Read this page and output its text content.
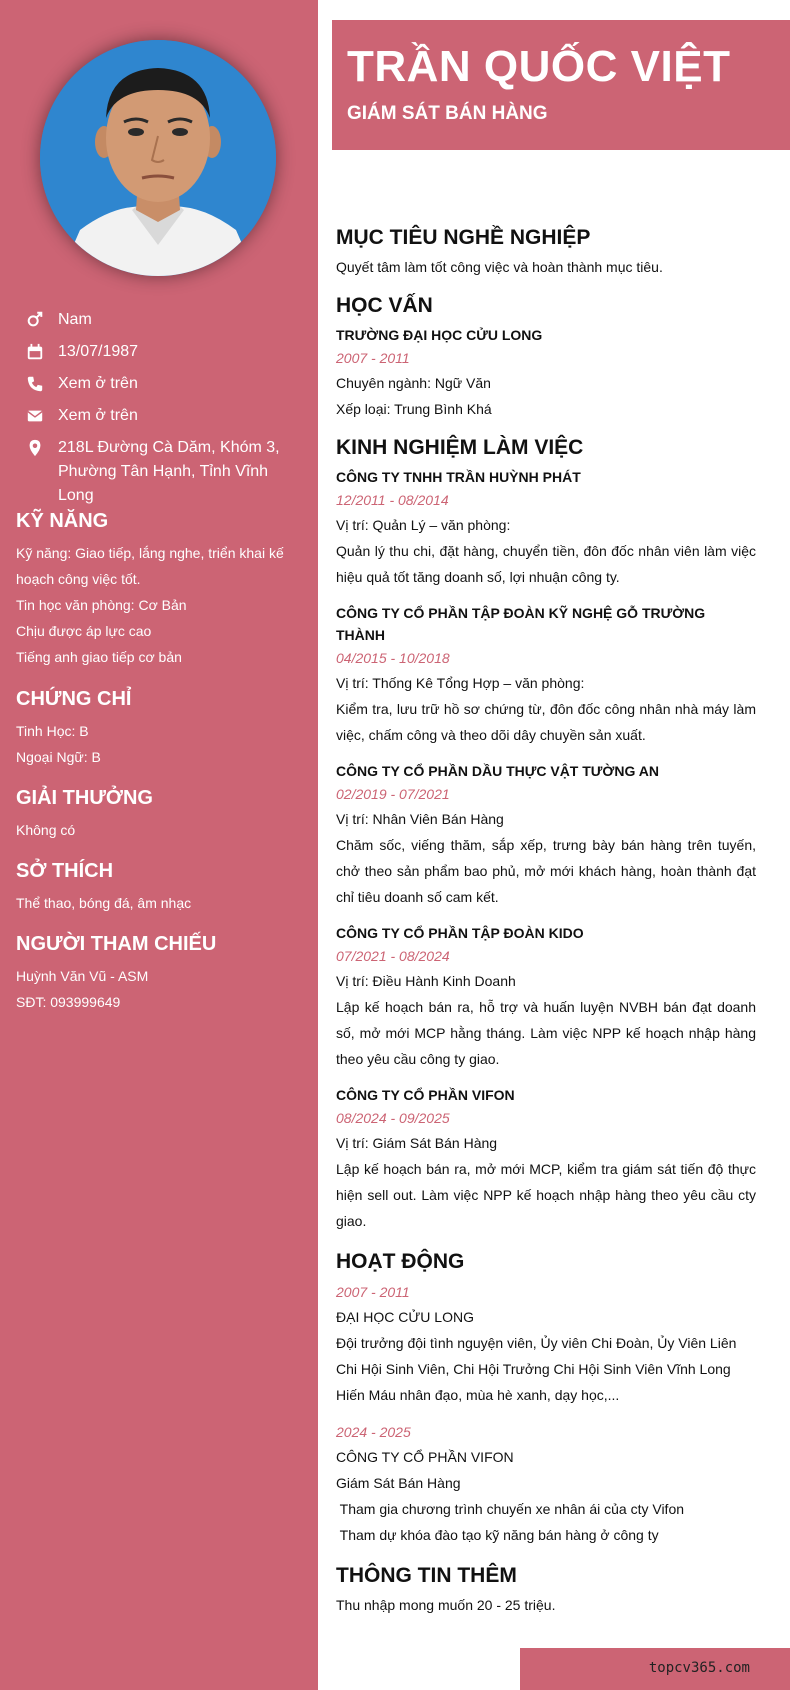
Nam
13/07/1987
Xem ở trên
Xem ở trên
218L Đường Cà Dăm, Khóm 3, Phường Tân Hạnh, Tỉnh Vĩnh Long
KỸ NĂNG
Kỹ năng: Giao tiếp, lắng nghe, triển khai kế hoạch công việc tốt.
Tin học văn phòng: Cơ Bản
Chịu được áp lực cao
Tiếng anh giao tiếp cơ bản
CHỨNG CHỈ
Tinh Học: B
Ngoại Ngữ: B
GIẢI THƯỞNG
Không có
SỞ THÍCH
Thể thao, bóng đá, âm nhạc
NGƯỜI THAM CHIẾU
Huỳnh Văn Vũ - ASM
SĐT: 093999649
TRẦN QUỐC VIỆT
GIÁM SÁT BÁN HÀNG
MỤC TIÊU NGHỀ NGHIỆP
Quyết tâm làm tốt công việc và hoàn thành mục tiêu.
HỌC VẤN
TRƯỜNG ĐẠI HỌC CỬU LONG
2007 - 2011
Chuyên ngành: Ngữ Văn
Xếp loại: Trung Bình Khá
KINH NGHIỆM LÀM VIỆC
CÔNG TY TNHH TRẦN HUỲNH PHÁT
12/2011 - 08/2014
Vị trí: Quản Lý – văn phòng:
Quản lý thu chi, đặt hàng, chuyển tiền, đôn đốc nhân viên làm việc hiệu quả tốt tăng doanh số, lợi nhuận công ty.
CÔNG TY CỔ PHẦN TẬP ĐOÀN KỸ NGHỆ GỖ TRƯỜNG THÀNH
04/2015 - 10/2018
Vị trí: Thống Kê Tổng Hợp – văn phòng:
Kiểm tra, lưu trữ hồ sơ chứng từ, đôn đốc công nhân nhà máy làm việc, chấm công và theo dõi dây chuyền sản xuất.
CÔNG TY CỔ PHẦN DẦU THỰC VẬT TƯỜNG AN
02/2019 - 07/2021
Vị trí: Nhân Viên Bán Hàng
Chăm sốc, viếng thăm, sắp xếp, trưng bày bán hàng trên tuyến, chở theo sản phẩm bao phủ, mở mới khách hàng, hoàn thành đạt chỉ tiêu doanh số cam kết.
CÔNG TY CỔ PHẦN TẬP ĐOÀN KIDO
07/2021 - 08/2024
Vị trí: Điều Hành Kinh Doanh
Lập kế hoạch bán ra, hỗ trợ và huấn luyện NVBH bán đạt doanh số, mở mới MCP hằng tháng. Làm việc NPP kế hoạch nhập hàng theo yêu cầu công ty giao.
CÔNG TY CỔ PHẦN VIFON
08/2024 - 09/2025
Vị trí: Giám Sát Bán Hàng
Lập kế hoạch bán ra, mở mới MCP, kiểm tra giám sát tiến độ thực hiện sell out. Làm việc NPP kế hoạch nhập hàng theo yêu cầu cty giao.
HOẠT ĐỘNG
2007 - 2011
ĐẠI HỌC CỬU LONG
Đội trưởng đội tình nguyện viên, Ủy viên Chi Đoàn, Ủy Viên Liên Chi Hội Sinh Viên, Chi Hội Trưởng Chi Hội Sinh Viên Vĩnh Long
Hiến Máu nhân đạo, mùa hè xanh, dạy học,...
2024 - 2025
CÔNG TY CỔ PHẦN VIFON
Giám Sát Bán Hàng
Tham gia chương trình chuyến xe nhân ái của cty Vifon
Tham dự khóa đào tạo kỹ năng bán hàng ở công ty
THÔNG TIN THÊM
Thu nhập mong muốn 20 - 25 triệu.
topcv365.com
